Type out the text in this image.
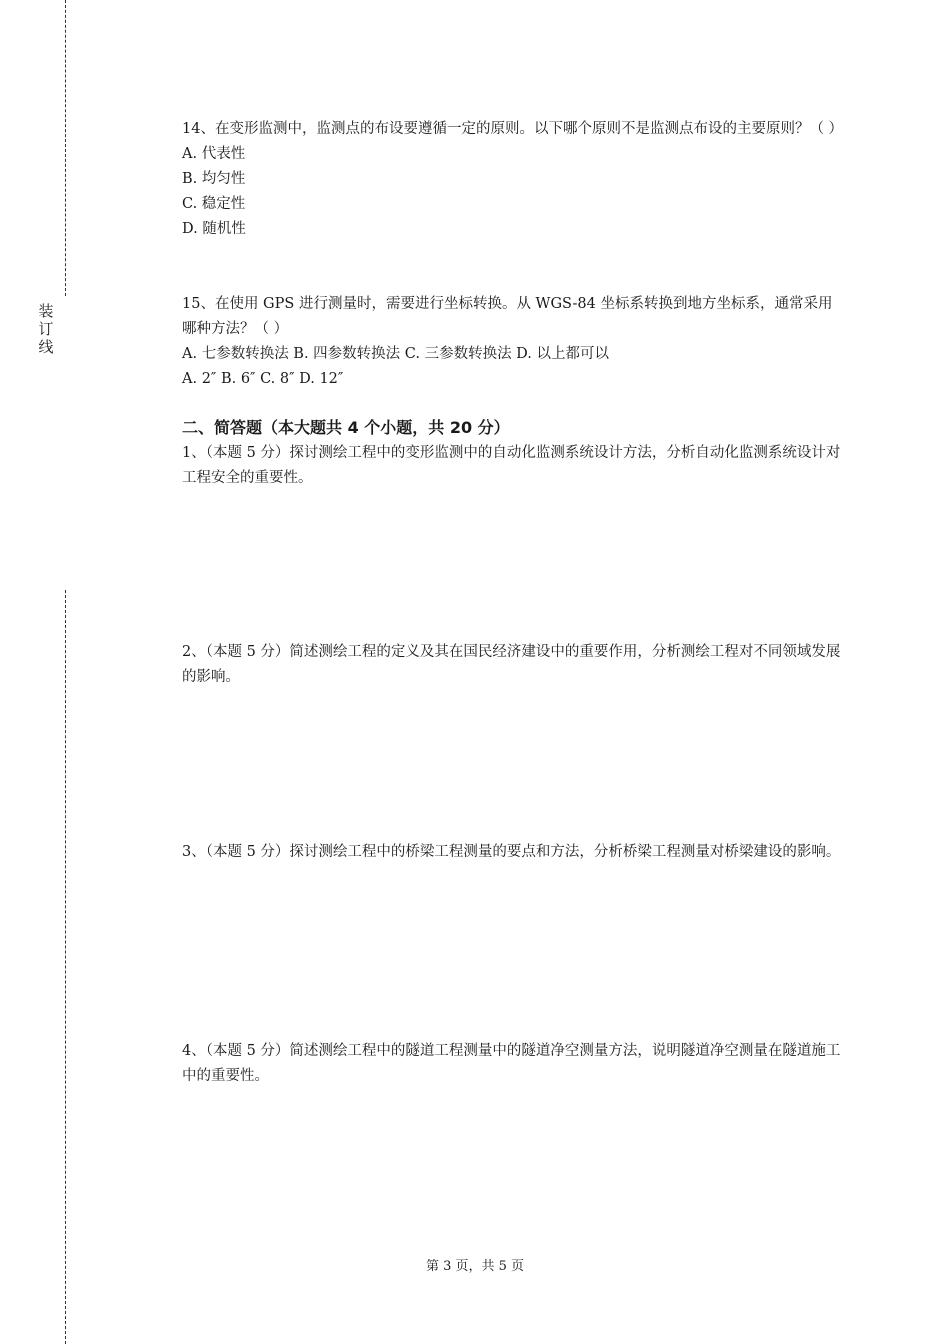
装
订
线

14、在变形监测中，监测点的布设要遵循一定的原则。以下哪个原则不是监测点布设的主要原则？（ ）

A. 代表性

B. 均匀性

C. 稳定性

D. 随机性

15、在使用 GPS 进行测量时，需要进行坐标转换。从 WGS-84 坐标系转换到地方坐标系，通常采用哪种方法？（ ）

A. 七参数转换法 B. 四参数转换法 C. 三参数转换法 D. 以上都可以

A. 2″ B. 6″ C. 8″ D. 12″

二、简答题（本大题共 4 个小题，共 20 分）

1、（本题 5 分）探讨测绘工程中的变形监测中的自动化监测系统设计方法，分析自动化监测系统设计对工程安全的重要性。

2、（本题 5 分）简述测绘工程的定义及其在国民经济建设中的重要作用，分析测绘工程对不同领域发展的影响。

3、（本题 5 分）探讨测绘工程中的桥梁工程测量的要点和方法，分析桥梁工程测量对桥梁建设的影响。

4、（本题 5 分）简述测绘工程中的隧道工程测量中的隧道净空测量方法，说明隧道净空测量在隧道施工中的重要性。

第 3 页，共 5 页
